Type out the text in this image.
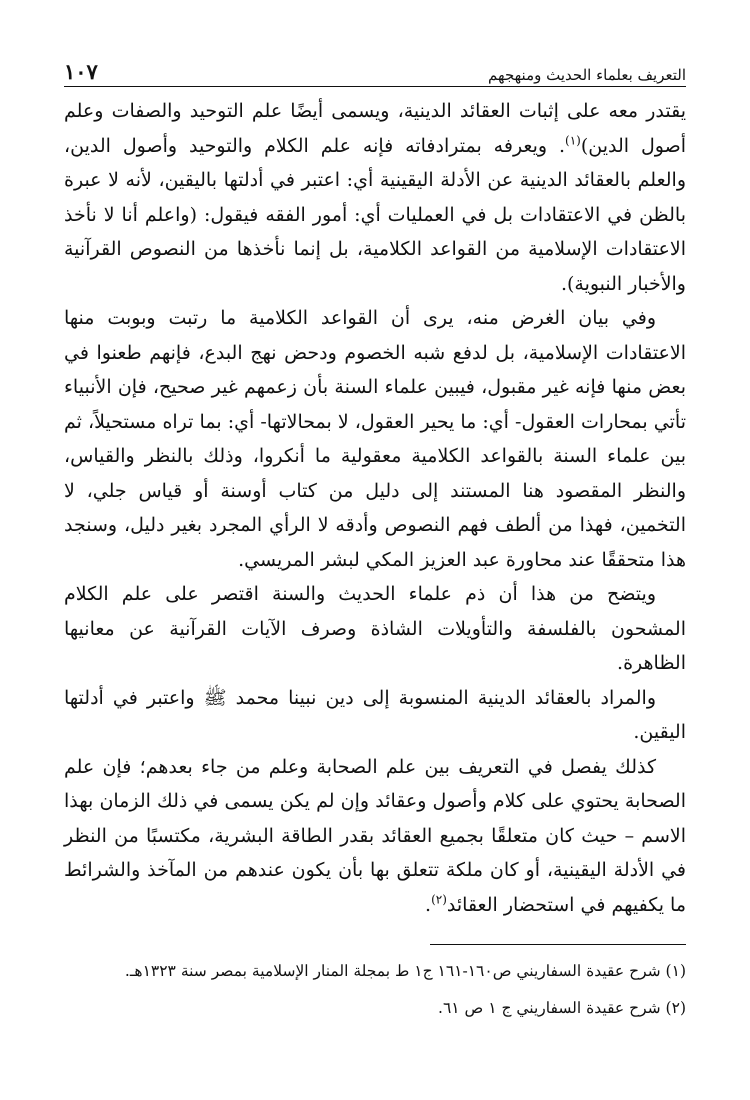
التعريف بعلماء الحديث ومنهجهم
١٠٧

يقتدر معه على إثبات العقائد الدينية، ويسمى أيضًا علم التوحيد والصفات وعلم أصول الدين)$^{(١)}$. ويعرفه بمترادفاته فإنه علم الكلام والتوحيد وأصول الدين، والعلم بالعقائد الدينية عن الأدلة اليقينية أي: اعتبر في أدلتها باليقين، لأنه لا عبرة بالظن في الاعتقادات بل في العمليات أي: أمور الفقه فيقول: (واعلم أنا لا نأخذ الاعتقادات الإسلامية من القواعد الكلامية، بل إنما نأخذها من النصوص القرآنية والأخبار النبوية).

وفي بيان الغرض منه، يرى أن القواعد الكلامية ما رتبت وبوبت منها الاعتقادات الإسلامية، بل لدفع شبه الخصوم ودحض نهج البدع، فإنهم طعنوا في بعض منها فإنه غير مقبول، فيبين علماء السنة بأن زعمهم غير صحيح، فإن الأنبياء تأتي بمحارات العقول- أي: ما يحير العقول، لا بمحالاتها- أي: بما تراه مستحيلاً، ثم بين علماء السنة بالقواعد الكلامية معقولية ما أنكروا، وذلك بالنظر والقياس، والنظر المقصود هنا المستند إلى دليل من كتاب أوسنة أو قياس جلي، لا التخمين، فهذا من ألطف فهم النصوص وأدقه لا الرأي المجرد بغير دليل، وسنجد هذا متحققًا عند محاورة عبد العزيز المكي لبشر المريسي.

ويتضح من هذا أن ذم علماء الحديث والسنة اقتصر على علم الكلام المشحون بالفلسفة والتأويلات الشاذة وصرف الآيات القرآنية عن معانيها الظاهرة.

والمراد بالعقائد الدينية المنسوبة إلى دين نبينا محمد ﷺ واعتبر في أدلتها اليقين.

كذلك يفصل في التعريف بين علم الصحابة وعلم من جاء بعدهم؛ فإن علم الصحابة يحتوي على كلام وأصول وعقائد وإن لم يكن يسمى في ذلك الزمان بهذا الاسم – حيث كان متعلقًا بجميع العقائد بقدر الطاقة البشرية، مكتسبًا من النظر في الأدلة اليقينية، أو كان ملكة تتعلق بها بأن يكون عندهم من المآخذ والشرائط ما يكفيهم في استحضار العقائد$^{(٢)}$.

(١) شرح عقيدة السفاريني ص١٦٠-١٦١ ج١ ط بمجلة المنار الإسلامية بمصر سنة ١٣٢٣هـ.

(٢) شرح عقيدة السفاريني ج ١ ص ٦١.
